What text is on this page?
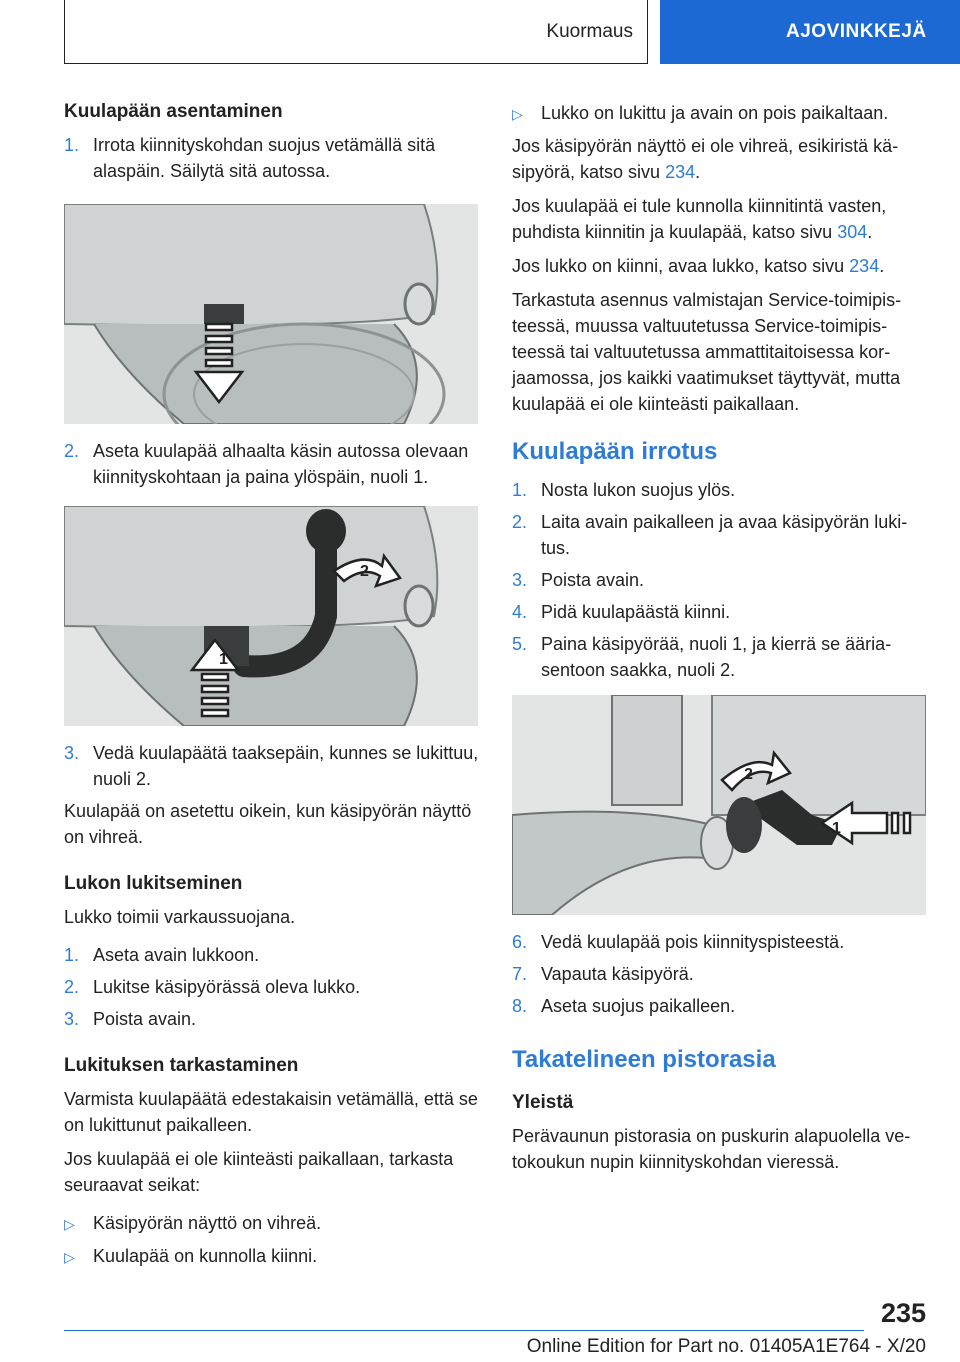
Kuormaus	AJOVINKKEJÄ
Kuulapään asentaminen
1. Irrota kiinnityskohdan suojus vetämällä sitä alaspäin. Säilytä sitä autossa.
2. Aseta kuulapää alhaalta käsin autossa olevaan kiinnityskohtaan ja paina ylöspäin, nuoli 1.
1
2
3. Vedä kuulapäätä taaksepäin, kunnes se lukittuu, nuoli 2.

Kuulapää on asetettu oikein, kun käsipyörän näyttö on vihreä.

Lukon lukitseminen

Lukko toimii varkaussuojana.

1. Aseta avain lukkoon.
2. Lukitse käsipyörässä oleva lukko.
3. Poista avain.
Lukituksen tarkastaminen

Varmista kuulapäätä edestakaisin vetämällä, että se on lukittunut paikalleen.

Jos kuulapää ei ole kiinteästi paikallaan, tarkasta seuraavat seikat:

▷	Käsipyörän näyttö on vihreä.
▷	Kuulapää on kunnolla kiinni.
▷	Lukko on lukittu ja avain on pois paikaltaan.

Jos käsipyörän näyttö ei ole vihreä, esikiristä käsipyörä, katso sivu 234.

Jos kuulapää ei tule kunnolla kiinnitintä vasten, puhdista kiinnitin ja kuulapää, katso sivu 304.

Jos lukko on kiinni, avaa lukko, katso sivu 234.

Tarkastuta asennus valmistajan Service-toimipisteessä, muussa valtuutetussa Service-toimipisteessä tai valtuutetussa ammattitaitoisessa korjaamossa, jos kaikki vaatimukset täyttyvät, mutta kuulapää ei ole kiinteästi paikallaan.

Kuulapään irrotus
1. Nosta lukon suojus ylös.
2. Laita avain paikalleen ja avaa käsipyörän lukitus.
3. Poista avain.
4. Pidä kuulapäästä kiinni.
5. Paina käsipyörää, nuoli 1, ja kierrä se ääriasentoon saakka, nuoli 2.
1
2
6. Vedä kuulapää pois kiinnityspisteestä.
7. Vapauta käsipyörä.
8. Aseta suojus paikalleen.
Takatelineen pistorasia
Yleistä

Perävaunun pistorasia on puskurin alapuolella vetokoukun nupin kiinnityskohdan vieressä.

235
Online Edition for Part no. 01405A1E764 - X/20
